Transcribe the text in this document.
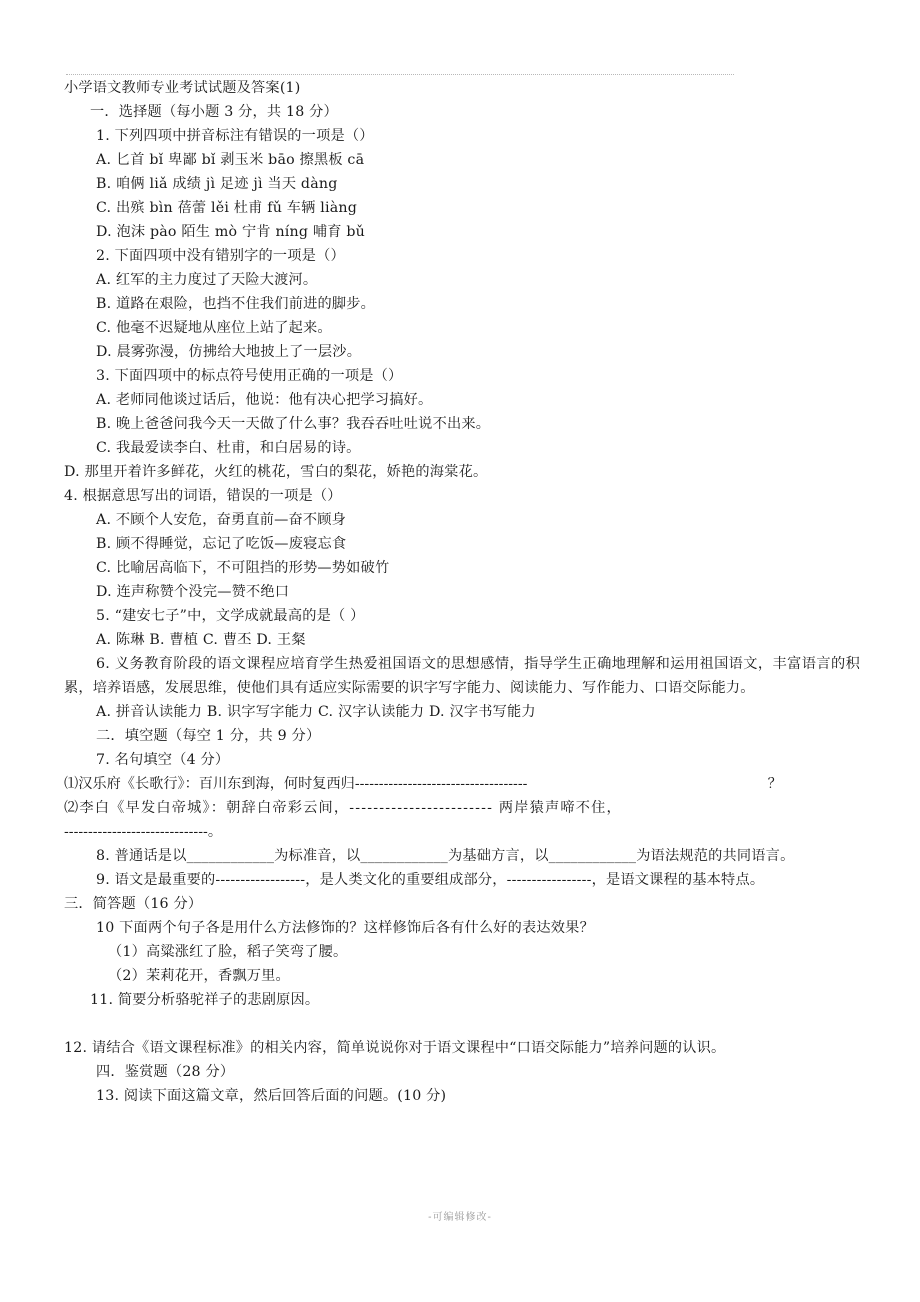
小学语文教师专业考试试题及答案(1)
一．选择题（每小题 3 分，共 18 分）
1. 下列四项中拼音标注有错误的一项是（）
A. 匕首 bǐ 卑鄙 bǐ 剥玉米 bāo 擦黑板 cā
B. 咱俩 liǎ 成绩 jì 足迹 jì 当天 dàng
C. 出殡 bìn 蓓蕾 lěi 杜甫 fǔ 车辆 liàng
D. 泡沫 pào 陌生 mò 宁肯 níng 哺育 bǔ
2. 下面四项中没有错别字的一项是（）
A. 红军的主力度过了天险大渡河。
B. 道路在艰险，也挡不住我们前进的脚步。
C. 他毫不迟疑地从座位上站了起来。
D. 晨雾弥漫，仿拂给大地披上了一层沙。
3. 下面四项中的标点符号使用正确的一项是（）
A. 老师同他谈过话后，他说：他有决心把学习搞好。
B. 晚上爸爸问我今天一天做了什么事？我吞吞吐吐说不出来。
C. 我最爱读李白、杜甫，和白居易的诗。
D. 那里开着许多鲜花，火红的桃花，雪白的梨花，娇艳的海棠花。
4. 根据意思写出的词语，错误的一项是（）
A. 不顾个人安危，奋勇直前—奋不顾身
B. 顾不得睡觉，忘记了吃饭—废寝忘食
C. 比喻居高临下，不可阻挡的形势—势如破竹
D. 连声称赞个没完—赞不绝口
5. “建安七子”中，文学成就最高的是（ ）
A. 陈琳 B. 曹植 C. 曹丕 D. 王粲
6. 义务教育阶段的语文课程应培育学生热爱祖国语文的思想感情，指导学生正确地理解和运用祖国语文，丰富语言的积累，培养语感，发展思维，使他们具有适应实际需要的识字写字能力、阅读能力、写作能力、口语交际能力。
A. 拼音认读能力 B. 识字写字能力 C. 汉字认读能力 D. 汉字书写能力
二．填空题（每空 1 分，共 9 分）
7. 名句填空（4 分）
⑴汉乐府《长歌行》：百川东到海，何时复西归------------------------------------	？
⑵李白《早发白帝城》：朝辞白帝彩云间，------------------------ 两岸猿声啼不住，
------------------------------。
8. 普通话是以____________为标准音，以____________为基础方言，以____________为语法规范的共同语言。
9. 语文是最重要的------------------，是人类文化的重要组成部分，-----------------，是语文课程的基本特点。
三．简答题（16 分）
10 下面两个句子各是用什么方法修饰的？这样修饰后各有什么好的表达效果？
（1）高粱涨红了脸，稻子笑弯了腰。
（2）茉莉花开，香飘万里。
11. 简要分析骆驼祥子的悲剧原因。
12. 请结合《语文课程标准》的相关内容，简单说说你对于语文课程中“口语交际能力”培养问题的认识。
四．鉴赏题（28 分）
13. 阅读下面这篇文章，然后回答后面的问题。(10 分)
-可编辑修改-
